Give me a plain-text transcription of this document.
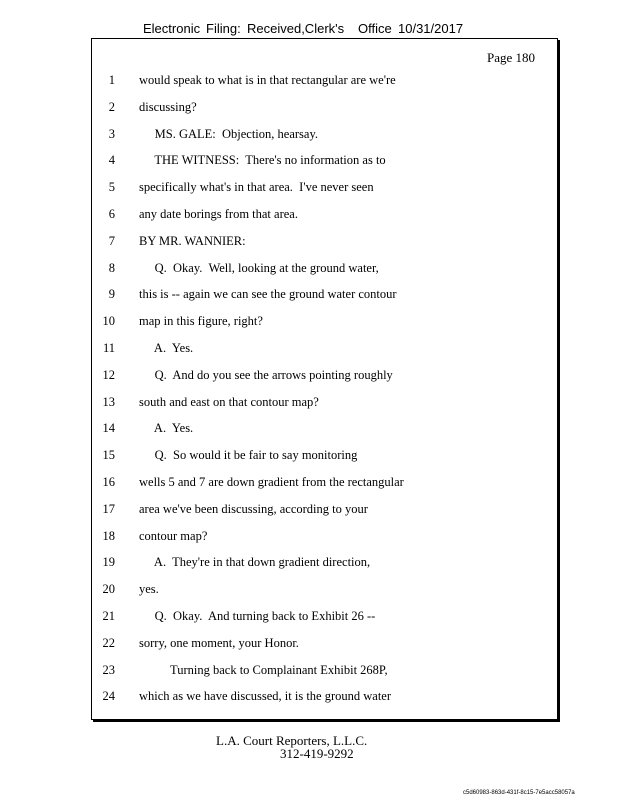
Electronic Filing: Received,Clerk's Office 10/31/2017
Page 180
1 would speak to what is in that rectangular are we're
2 discussing?
3 MS. GALE:  Objection, hearsay.
4 THE WITNESS:  There's no information as to
5 specifically what's in that area.  I've never seen
6 any date borings from that area.
7 BY MR. WANNIER:
8 Q.  Okay.  Well, looking at the ground water,
9 this is -- again we can see the ground water contour
10 map in this figure, right?
11 A.  Yes.
12 Q.  And do you see the arrows pointing roughly
13 south and east on that contour map?
14 A.  Yes.
15 Q.  So would it be fair to say monitoring
16 wells 5 and 7 are down gradient from the rectangular
17 area we've been discussing, according to your
18 contour map?
19 A.  They're in that down gradient direction,
20 yes.
21 Q.  Okay.  And turning back to Exhibit 26 --
22 sorry, one moment, your Honor.
23 Turning back to Complainant Exhibit 268P,
24 which as we have discussed, it is the ground water
L.A. Court Reporters, L.L.C.
312-419-9292
c5d60983-863d-431f-8c15-7e5acc58057a
